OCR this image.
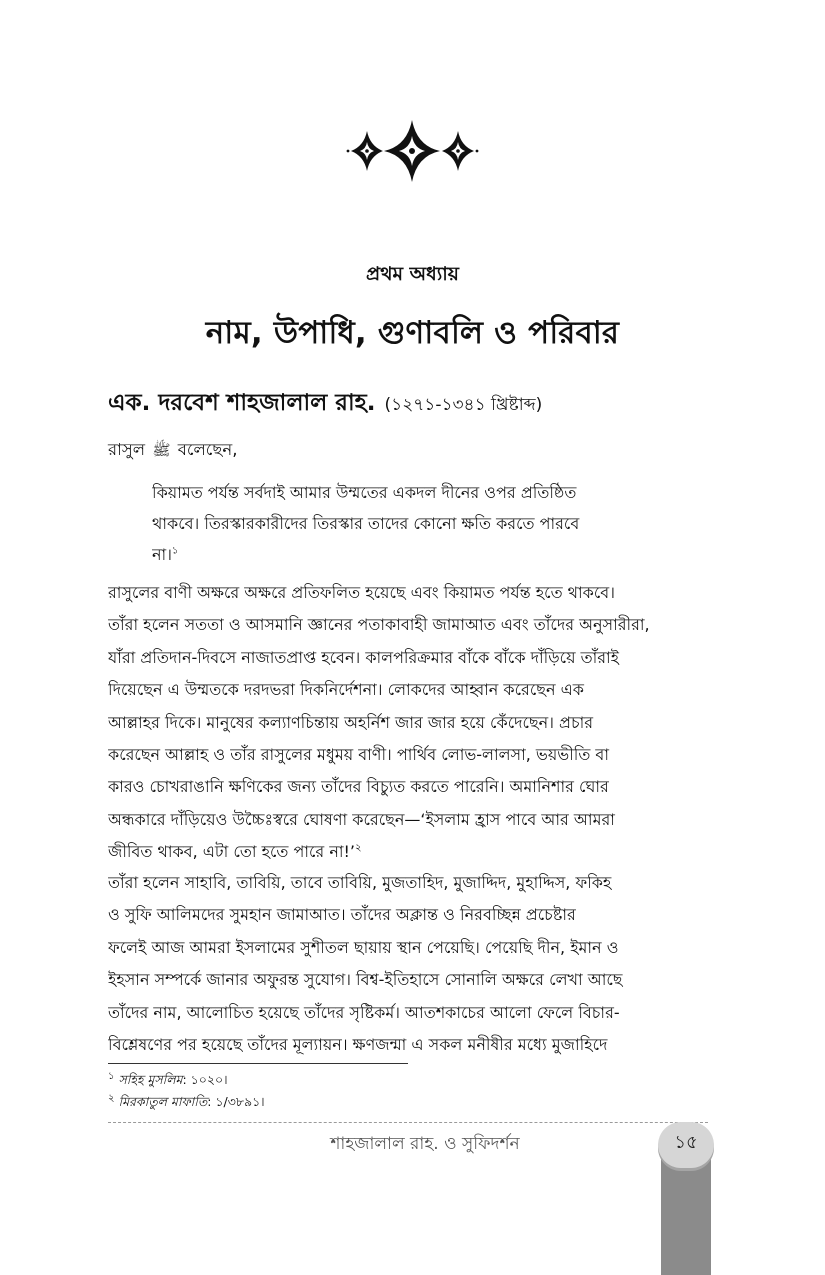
প্রথম অধ্যায়
নাম, উপাধি, গুণাবলি ও পরিবার
এক. দরবেশ শাহজালাল রাহ. (১২৭১-১৩৪১ খ্রিষ্টাব্দ)
রাসুল ﷺ বলেছেন,
কিয়ামত পর্যন্ত সর্বদাই আমার উম্মতের একদল দীনের ওপর প্রতিষ্ঠিত
থাকবে। তিরস্কারকারীদের তিরস্কার তাদের কোনো ক্ষতি করতে পারবে
না।$^১$
রাসুলের বাণী অক্ষরে অক্ষরে প্রতিফলিত হয়েছে এবং কিয়ামত পর্যন্ত হতে থাকবে।
তাঁরা হলেন সততা ও আসমানি জ্ঞানের পতাকাবাহী জামাআত এবং তাঁদের অনুসারীরা,
যাঁরা প্রতিদান-দিবসে নাজাতপ্রাপ্ত হবেন। কালপরিক্রমার বাঁকে বাঁকে দাঁড়িয়ে তাঁরাই
দিয়েছেন এ উম্মতকে দরদভরা দিকনির্দেশনা। লোকদের আহ্বান করেছেন এক
আল্লাহর দিকে। মানুষের কল্যাণচিন্তায় অহর্নিশ জার জার হয়ে কেঁদেছেন। প্রচার
করেছেন আল্লাহ ও তাঁর রাসুলের মধুময় বাণী। পার্থিব লোভ-লালসা, ভয়ভীতি বা
কারও চোখরাঙানি ক্ষণিকের জন্য তাঁদের বিচ্যুত করতে পারেনি। অমানিশার ঘোর
অন্ধকারে দাঁড়িয়েও উচ্চৈঃস্বরে ঘোষণা করেছেন—‘ইসলাম হ্রাস পাবে আর আমরা
জীবিত থাকব, এটা তো হতে পারে না!’$^২$
তাঁরা হলেন সাহাবি, তাবিয়ি, তাবে তাবিয়ি, মুজতাহিদ, মুজাদ্দিদ, মুহাদ্দিস, ফকিহ
ও সুফি আলিমদের সুমহান জামাআত। তাঁদের অক্লান্ত ও নিরবচ্ছিন্ন প্রচেষ্টার
ফলেই আজ আমরা ইসলামের সুশীতল ছায়ায় স্থান পেয়েছি। পেয়েছি দীন, ইমান ও
ইহসান সম্পর্কে জানার অফুরন্ত সুযোগ। বিশ্ব-ইতিহাসে সোনালি অক্ষরে লেখা আছে
তাঁদের নাম, আলোচিত হয়েছে তাঁদের সৃষ্টিকর্ম। আতশকাচের আলো ফেলে বিচার-
বিশ্লেষণের পর হয়েছে তাঁদের মূল্যায়ন। ক্ষণজন্মা এ সকল মনীষীর মধ্যে মুজাহিদে
$^১$ সহিহ মুসলিম: ১০২০।
$^২$ মিরকাতুল মাফাতি: ১/৩৮৯১।
শাহজালাল রাহ. ও সুফিদর্শন	১৫
